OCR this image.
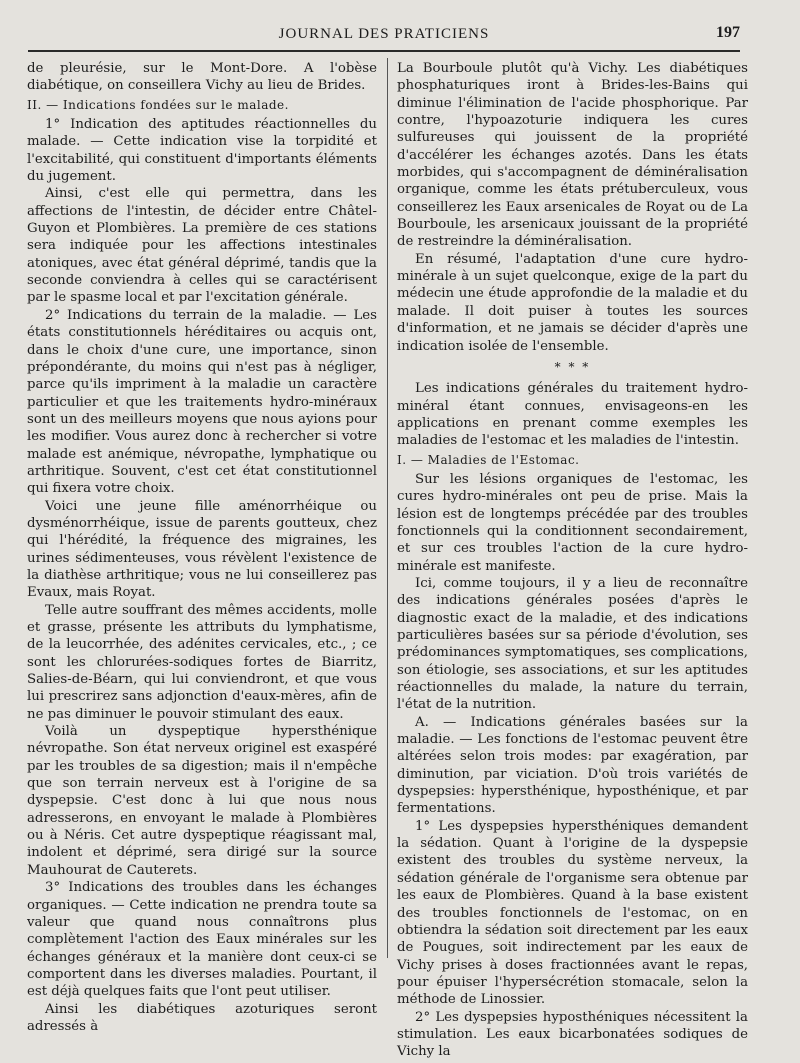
JOURNAL DES PRATICIENS	197

de pleurésie, sur le Mont-Dore. A l'obèse diabétique, on conseillera Vichy au lieu de Brides.

II. — Indications fondées sur le malade.

1° Indication des aptitudes réactionnelles du malade. — Cette indication vise la torpidité et l'excitabilité, qui constituent d'importants éléments du jugement.

Ainsi, c'est elle qui permettra, dans les affections de l'intestin, de décider entre Châtel-Guyon et Plombières. La première de ces stations sera indiquée pour les affections intestinales atoniques, avec état général déprimé, tandis que la seconde conviendra à celles qui se caractérisent par le spasme local et par l'excitation générale.

2° Indications du terrain de la maladie. — Les états constitutionnels héréditaires ou acquis ont, dans le choix d'une cure, une importance, sinon prépondérante, du moins qui n'est pas à négliger, parce qu'ils impriment à la maladie un caractère particulier et que les traitements hydro-minéraux sont un des meilleurs moyens que nous ayions pour les modifier. Vous aurez donc à rechercher si votre malade est anémique, névropathe, lymphatique ou arthritique. Souvent, c'est cet état constitutionnel qui fixera votre choix.

Voici une jeune fille aménorrhéique ou dysménorrhéique, issue de parents goutteux, chez qui l'hérédité, la fréquence des migraines, les urines sédimenteuses, vous révèlent l'existence de la diathèse arthritique; vous ne lui conseillerez pas Evaux, mais Royat.

Telle autre souffrant des mêmes accidents, molle et grasse, présente les attributs du lymphatisme, de la leucorrhée, des adénites cervicales, etc., ; ce sont les chlorurées-sodiques fortes de Biarritz, Salies-de-Béarn, qui lui conviendront, et que vous lui prescrirez sans adjonction d'eaux-mères, afin de ne pas diminuer le pouvoir stimulant des eaux.

Voilà un dyspeptique hypersthénique névropathe. Son état nerveux originel est exaspéré par les troubles de sa digestion; mais il n'empêche que son terrain nerveux est à l'origine de sa dyspepsie. C'est donc à lui que nous nous adresserons, en envoyant le malade à Plombières ou à Néris. Cet autre dyspeptique réagissant mal, indolent et déprimé, sera dirigé sur la source Mauhourat de Cauterets.

3° Indications des troubles dans les échanges organiques. — Cette indication ne prendra toute sa valeur que quand nous connaîtrons plus complètement l'action des Eaux minérales sur les échanges généraux et la manière dont ceux-ci se comportent dans les diverses maladies. Pourtant, il est déjà quelques faits que l'ont peut utiliser.

Ainsi les diabétiques azoturiques seront adressés à

La Bourboule plutôt qu'à Vichy. Les diabétiques phosphaturiques iront à Brides-les-Bains qui diminue l'élimination de l'acide phosphorique. Par contre, l'hypoazoturie indiquera les cures sulfureuses qui jouissent de la propriété d'accélérer les échanges azotés. Dans les états morbides, qui s'accompagnent de déminéralisation organique, comme les états prétuberculeux, vous conseillerez les Eaux arsenicales de Royat ou de La Bourboule, les arsenicaux jouissant de la propriété de restreindre la déminéralisation.

En résumé, l'adaptation d'une cure hydro-minérale à un sujet quelconque, exige de la part du médecin une étude approfondie de la maladie et du malade. Il doit puiser à toutes les sources d'information, et ne jamais se décider d'après une indication isolée de l'ensemble.

* * *

Les indications générales du traitement hydro-minéral étant connues, envisageons-en les applications en prenant comme exemples les maladies de l'estomac et les maladies de l'intestin.

I. — Maladies de l'Estomac.

Sur les lésions organiques de l'estomac, les cures hydro-minérales ont peu de prise. Mais la lésion est de longtemps précédée par des troubles fonctionnels qui la conditionnent secondairement, et sur ces troubles l'action de la cure hydro-minérale est manifeste.

Ici, comme toujours, il y a lieu de reconnaître des indications générales posées d'après le diagnostic exact de la maladie, et des indications particulières basées sur sa période d'évolution, ses prédominances symptomatiques, ses complications, son étiologie, ses associations, et sur les aptitudes réactionnelles du malade, la nature du terrain, l'état de la nutrition.

A. — Indications générales basées sur la maladie. — Les fonctions de l'estomac peuvent être altérées selon trois modes: par exagération, par diminution, par viciation. D'où trois variétés de dyspepsies: hypersthénique, hyposthénique, et par fermentations.

1° Les dyspepsies hypersthéniques demandent la sédation. Quant à l'origine de la dyspepsie existent des troubles du système nerveux, la sédation générale de l'organisme sera obtenue par les eaux de Plombières. Quand à la base existent des troubles fonctionnels de l'estomac, on en obtiendra la sédation soit directement par les eaux de Pougues, soit indirectement par les eaux de Vichy prises à doses fractionnées avant le repas, pour épuiser l'hypersécrétion stomacale, selon la méthode de Linossier.

2° Les dyspepsies hyposthéniques nécessitent la stimulation. Les eaux bicarbonatées sodiques de Vichy la
